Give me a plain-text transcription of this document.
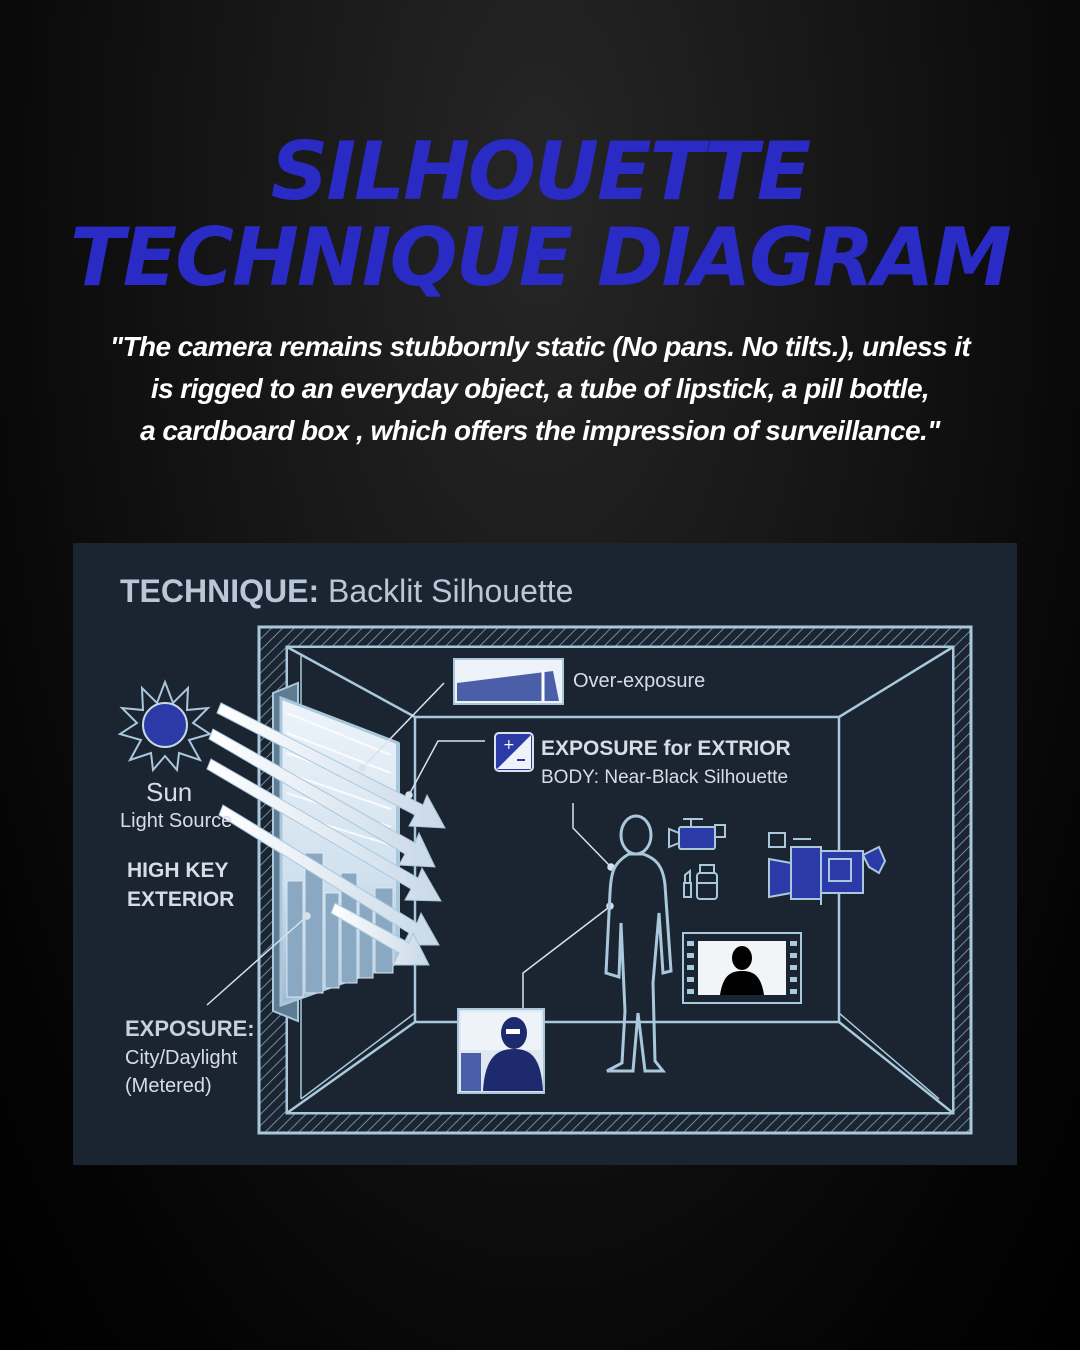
SILHOUETTE
TECHNIQUE DIAGRAM

"The camera remains stubbornly static (No pans. No tilts.), unless it
is rigged to an everyday object, a tube of lipstick, a pill bottle,
a cardboard box , which offers the impression of surveillance."

+
TECHNIQUE: Backlit Silhouette
Sun
Light Source
HIGH KEY
EXTERIOR
EXPOSURE:
City/Daylight
(Metered)
Over-exposure
EXPOSURE for EXTRIOR
BODY: Near-Black Silhouette
